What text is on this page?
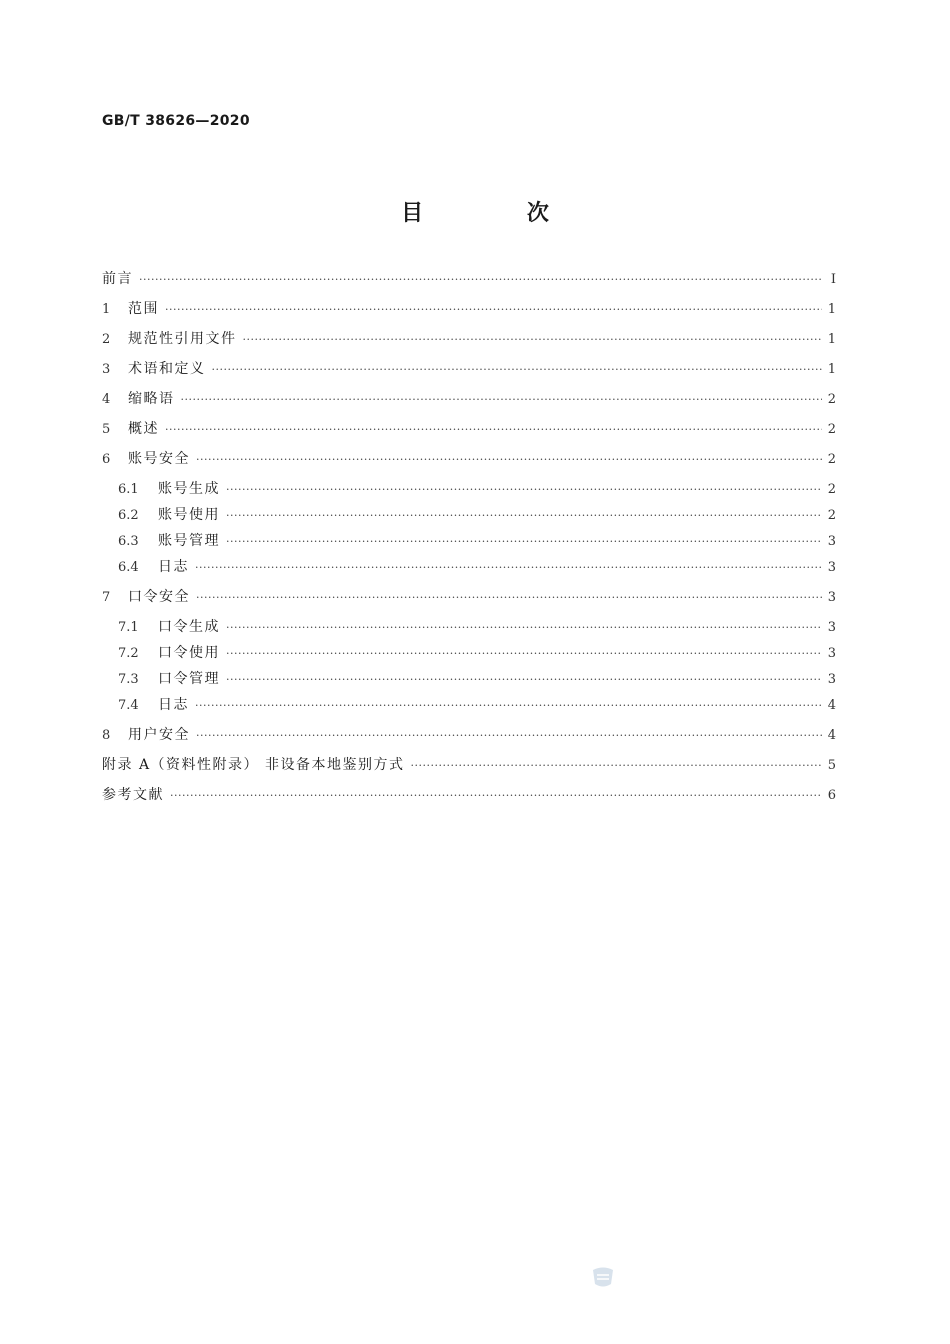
GB/T 38626—2020
目 次
前言 ·····	I
1	范围 ·····	1
2	规范性引用文件 ·····	1
3	术语和定义 ·····	1
4	缩略语 ·····	2
5	概述 ·····	2
6	账号安全 ·····	2
6.1	账号生成 ·····	2
6.2	账号使用 ·····	2
6.3	账号管理 ·····	3
6.4	日志 ·····	3
7	口令安全 ·····	3
7.1	口令生成 ·····	3
7.2	口令使用 ·····	3
7.3	口令管理 ·····	3
7.4	日志 ·····	4
8	用户安全 ·····	4
附录 A（资料性附录） 非设备本地鉴别方式 ·····	5
参考文献 ·····	6
